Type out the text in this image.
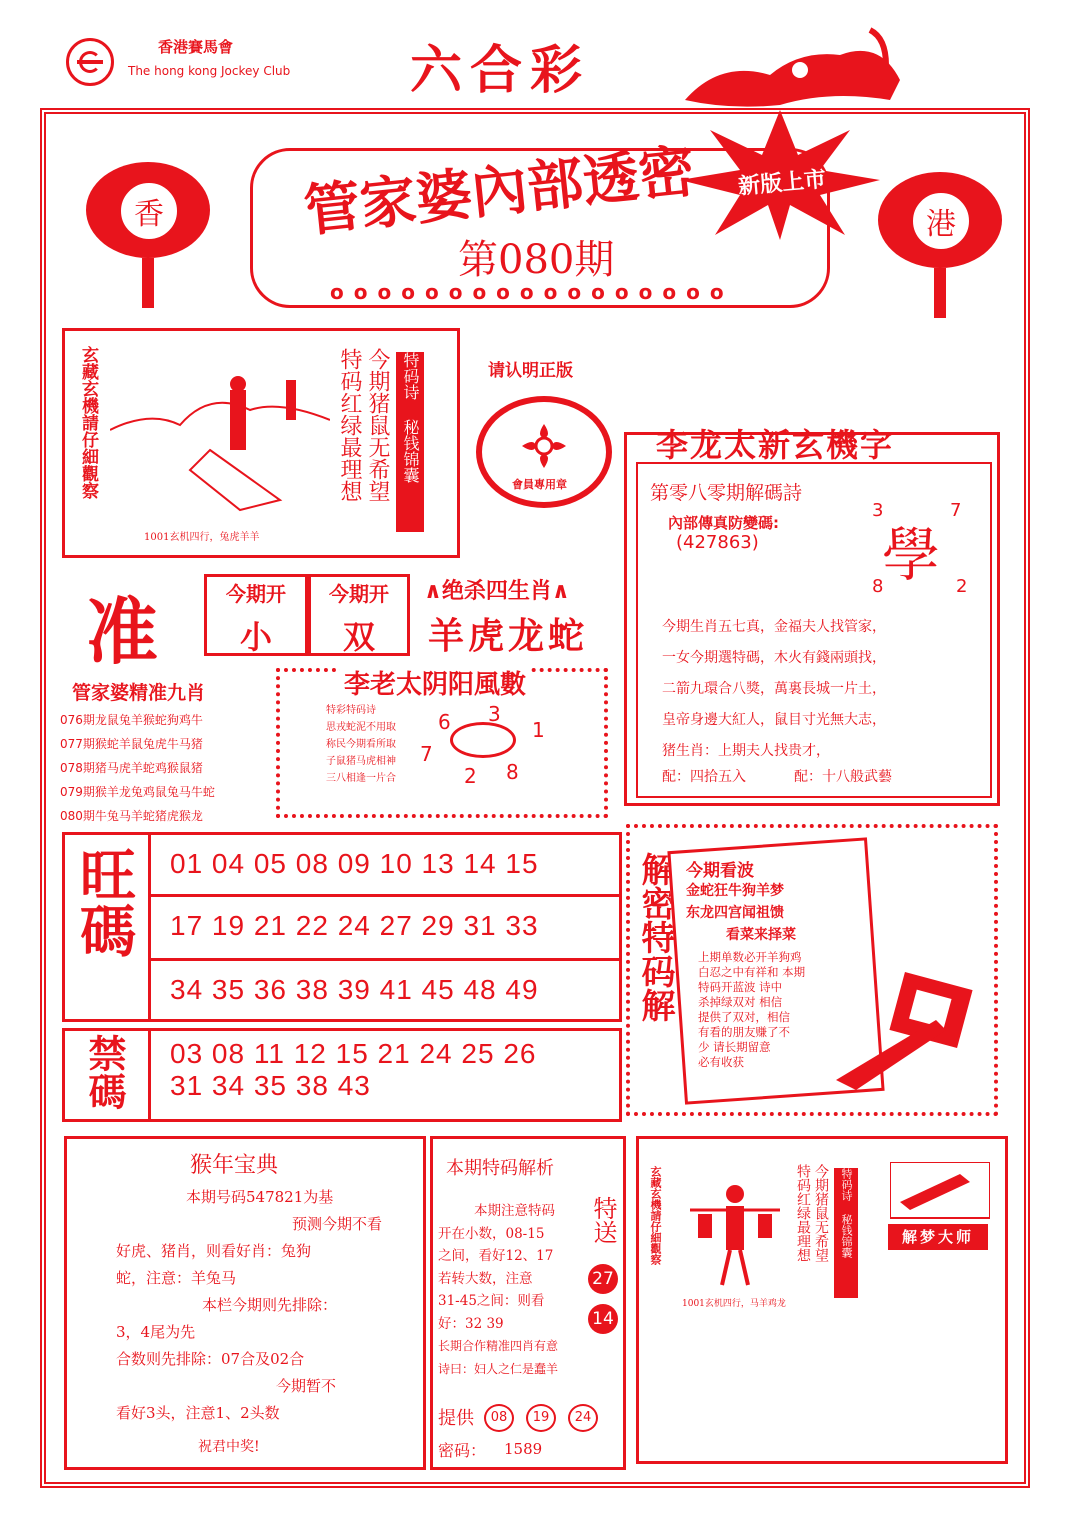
香港賽馬會
The hong kong Jockey Club 六合彩
香	港
管家婆內部透密
第080期
ooooooooooooooooo
新版上市
玄藏玄機請仔細觀察	特码红绿最理想 今期猪鼠无希望 特码诗 秘钱锦囊
1001玄机四行，兔虎羊羊
请认明正版
會員專用章
李龙太新玄機字
第零八零期解碼詩
內部傳真防變碼:
(427863) 學
3	7
8	2
今期生肖五七真，金福夫人找管家，
一女今期選特碼，木火有錢兩頭找，
二箭九環合八獎，萬裏長城一片土，
皇帝身邊大紅人，鼠目寸光無大志，
猪生肖：上期夫人找贵才，
配：四拾五入	配：十八般武藝
准	今期开
小
今期开
双
∧绝杀四生肖∧
羊虎龙蛇
管家婆精准九肖
076期龙鼠兔羊猴蛇狗鸡牛
077期猴蛇羊鼠兔虎牛马猪
078期猪马虎羊蛇鸡猴鼠猪
079期猴羊龙兔鸡鼠兔马牛蛇
080期牛兔马羊蛇猪虎猴龙
李老太阴阳風數
特彩特码诗
思戎蛇泥不用取
称民今期看所取
子鼠猪马虎相神
三八相逢一片合
6 3
1
7
2 8
旺碼 01 04 05 08 09 10 13 14 15
17 19 21 22 24 27 29 31 33
34 35 36 38 39 41 45 48 49
禁碼 03 08 11 12 15 21 24 25 26
31 34 35 38 43
解密特码解 今期看波
金蛇狂牛狗羊梦
东龙四宫闻祖馈
看菜来择菜
上期单数必开羊狗鸡
白忍之中有祥和 本期
特码开蓝波 诗中
杀掉绿双对 相信
提供了双对，相信
有看的朋友赚了不
少 请长期留意
必有收获
猴年宝典
本期号码547821为基
预测今期不看
好虎、猪肖，则看好肖：兔狗
蛇，注意：羊兔马
本栏今期则先排除：
3，4尾为先
合数则先排除：07合及02合
今期暂不
看好3头，注意1、2头数
祝君中奖!
本期特码解析
本期注意特码
开在小数，08-15
之间，看好12、17
若转大数，注意
31-45之间：则看
好：32 39
长期合作精准四肖有意
诗曰：妇人之仁是蠢羊
特送
27
14
提供	08	19	24
密码： 1589
玄藏玄機請仔細觀察	特码红绿最理想 今期猪鼠无希望	特码诗 秘钱锦囊
1001玄机四行，马羊鸡龙
解梦大师
